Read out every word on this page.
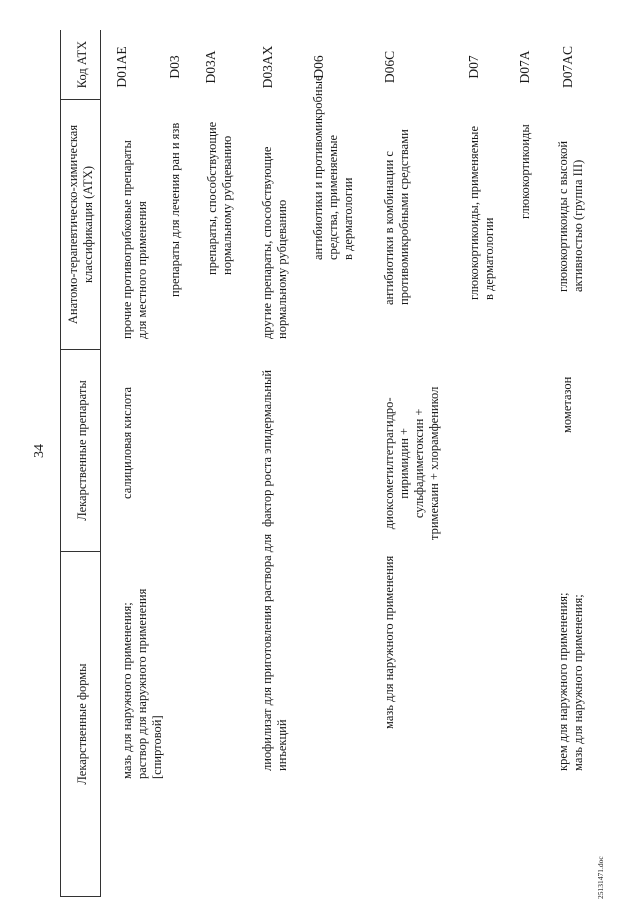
34
Лекарственные формы
Лекарственные препараты
Анатомо-терапевтическо-химическая
классификация (АТХ)
Код ATX D01AE
прочие противогрибковые препараты
для местного применения
салициловая кислота
мазь для наружного применения;
раствор для наружного применения
[спиртовой]
D03
препараты для лечения ран и язв
D03A
препараты, способствующие
нормальному рубцеванию
D03AX
другие препараты, способствующие
нормальному рубцеванию
фактор роста эпидермальный
лиофилизат для приготовления раствора для
инъекций
D06
антибиотики и противомикробные
средства, применяемые
в дерматологии
D06C
антибиотики в комбинации с
противомикробными средствами
диоксометилтетрагидро-
пиримидин +
сульфадиметоксин +
тримекаин + хлорамфеникол
мазь для наружного применения
D07
глюкокортикоиды, применяемые
в дерматологии
D07A
глюкокортикоиды
D07AC
глюкокортикоиды с высокой
активностью (группа III)
мометазон
крем для наружного применения;
мазь для наружного применения;
25131471.doc
